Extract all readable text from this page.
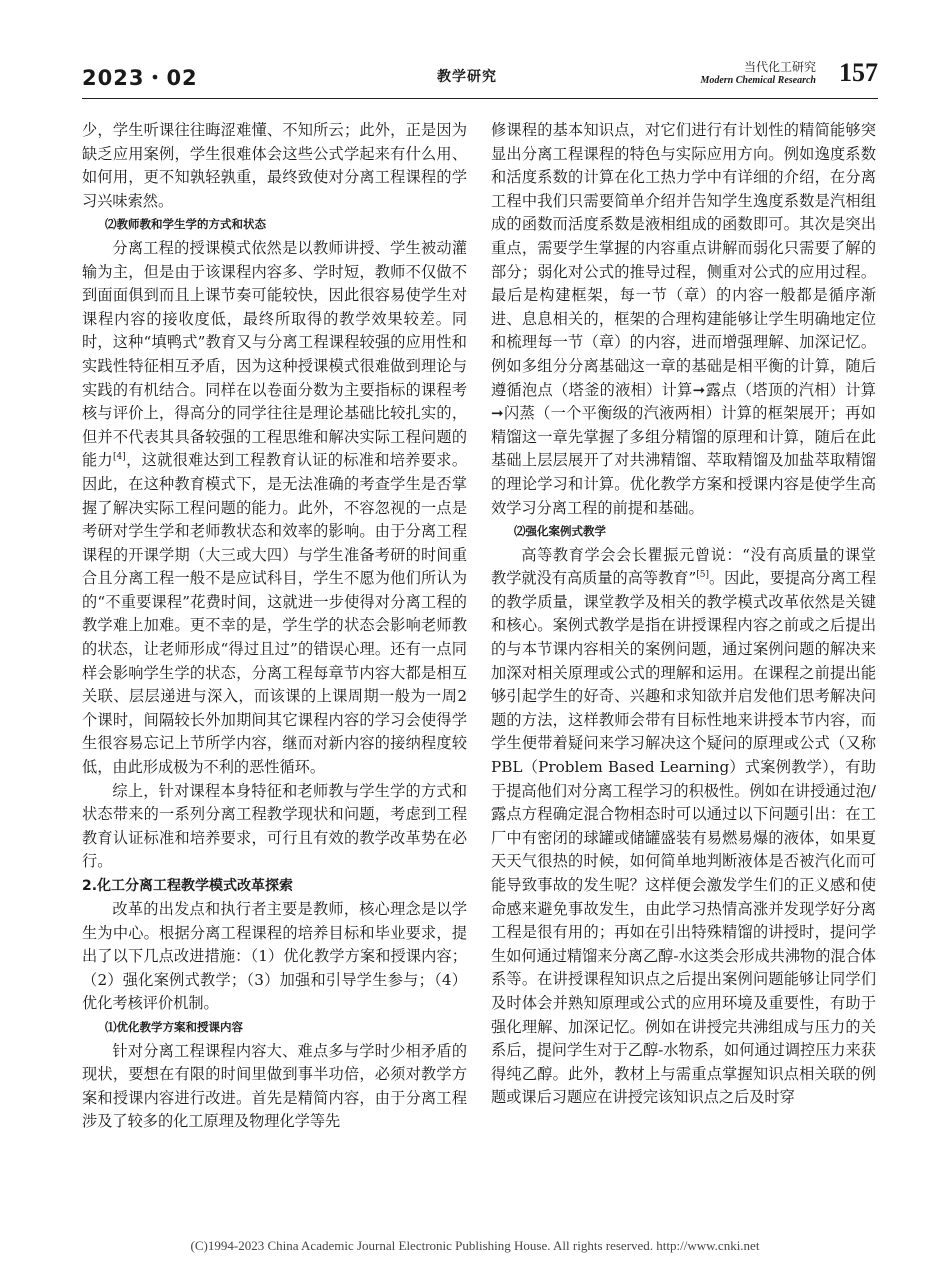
2023・02	教学研究
当代化工研究
Modern Chemical Research 157

少，学生听课往往晦涩难懂、不知所云；此外，正是因为缺乏应用案例，学生很难体会这些公式学起来有什么用、如何用，更不知孰轻孰重，最终致使对分离工程课程的学习兴味索然。

⑵教师教和学生学的方式和状态

分离工程的授课模式依然是以教师讲授、学生被动灌输为主，但是由于该课程内容多、学时短，教师不仅做不到面面俱到而且上课节奏可能较快，因此很容易使学生对课程内容的接收度低，最终所取得的教学效果较差。同时，这种“填鸭式”教育又与分离工程课程较强的应用性和实践性特征相互矛盾，因为这种授课模式很难做到理论与实践的有机结合。同样在以卷面分数为主要指标的课程考核与评价上，得高分的同学往往是理论基础比较扎实的，但并不代表其具备较强的工程思维和解决实际工程问题的能力[4]，这就很难达到工程教育认证的标准和培养要求。因此，在这种教育模式下，是无法准确的考查学生是否掌握了解决实际工程问题的能力。此外，不容忽视的一点是考研对学生学和老师教状态和效率的影响。由于分离工程课程的开课学期（大三或大四）与学生准备考研的时间重合且分离工程一般不是应试科目，学生不愿为他们所认为的“不重要课程”花费时间，这就进一步使得对分离工程的教学难上加难。更不幸的是，学生学的状态会影响老师教的状态，让老师形成“得过且过”的错误心理。还有一点同样会影响学生学的状态，分离工程每章节内容大都是相互关联、层层递进与深入，而该课的上课周期一般为一周2个课时，间隔较长外加期间其它课程内容的学习会使得学生很容易忘记上节所学内容，继而对新内容的接纳程度较低，由此形成极为不利的恶性循环。

综上，针对课程本身特征和老师教与学生学的方式和状态带来的一系列分离工程教学现状和问题，考虑到工程教育认证标准和培养要求，可行且有效的教学改革势在必行。

2.化工分离工程教学模式改革探索

改革的出发点和执行者主要是教师，核心理念是以学生为中心。根据分离工程课程的培养目标和毕业要求，提出了以下几点改进措施：（1）优化教学方案和授课内容；（2）强化案例式教学；（3）加强和引导学生参与；（4）优化考核评价机制。

⑴优化教学方案和授课内容

针对分离工程课程内容大、难点多与学时少相矛盾的现状，要想在有限的时间里做到事半功倍，必须对教学方案和授课内容进行改进。首先是精简内容，由于分离工程涉及了较多的化工原理及物理化学等先

修课程的基本知识点，对它们进行有计划性的精简能够突显出分离工程课程的特色与实际应用方向。例如逸度系数和活度系数的计算在化工热力学中有详细的介绍，在分离工程中我们只需要简单介绍并告知学生逸度系数是汽相组成的函数而活度系数是液相组成的函数即可。其次是突出重点，需要学生掌握的内容重点讲解而弱化只需要了解的部分；弱化对公式的推导过程，侧重对公式的应用过程。最后是构建框架，每一节（章）的内容一般都是循序渐进、息息相关的，框架的合理构建能够让学生明确地定位和梳理每一节（章）的内容，进而增强理解、加深记忆。例如多组分分离基础这一章的基础是相平衡的计算，随后遵循泡点（塔釜的液相）计算➞露点（塔顶的汽相）计算➞闪蒸（一个平衡级的汽液两相）计算的框架展开；再如精馏这一章先掌握了多组分精馏的原理和计算，随后在此基础上层层展开了对共沸精馏、萃取精馏及加盐萃取精馏的理论学习和计算。优化教学方案和授课内容是使学生高效学习分离工程的前提和基础。

⑵强化案例式教学

高等教育学会会长瞿振元曾说：“没有高质量的课堂教学就没有高质量的高等教育”[5]。因此，要提高分离工程的教学质量，课堂教学及相关的教学模式改革依然是关键和核心。案例式教学是指在讲授课程内容之前或之后提出的与本节课内容相关的案例问题，通过案例问题的解决来加深对相关原理或公式的理解和运用。在课程之前提出能够引起学生的好奇、兴趣和求知欲并启发他们思考解决问题的方法，这样教师会带有目标性地来讲授本节内容，而学生便带着疑问来学习解决这个疑问的原理或公式（又称PBL（Problem Based Learning）式案例教学），有助于提高他们对分离工程学习的积极性。例如在讲授通过泡/露点方程确定混合物相态时可以通过以下问题引出：在工厂中有密闭的球罐或储罐盛装有易燃易爆的液体，如果夏天天气很热的时候，如何简单地判断液体是否被汽化而可能导致事故的发生呢？这样便会激发学生们的正义感和使命感来避免事故发生，由此学习热情高涨并发现学好分离工程是很有用的；再如在引出特殊精馏的讲授时，提问学生如何通过精馏来分离乙醇-水这类会形成共沸物的混合体系等。在讲授课程知识点之后提出案例问题能够让同学们及时体会并熟知原理或公式的应用环境及重要性，有助于强化理解、加深记忆。例如在讲授完共沸组成与压力的关系后，提问学生对于乙醇-水物系，如何通过调控压力来获得纯乙醇。此外，教材上与需重点掌握知识点相关联的例题或课后习题应在讲授完该知识点之后及时穿

(C)1994-2023 China Academic Journal Electronic Publishing House. All rights reserved. http://www.cnki.net
